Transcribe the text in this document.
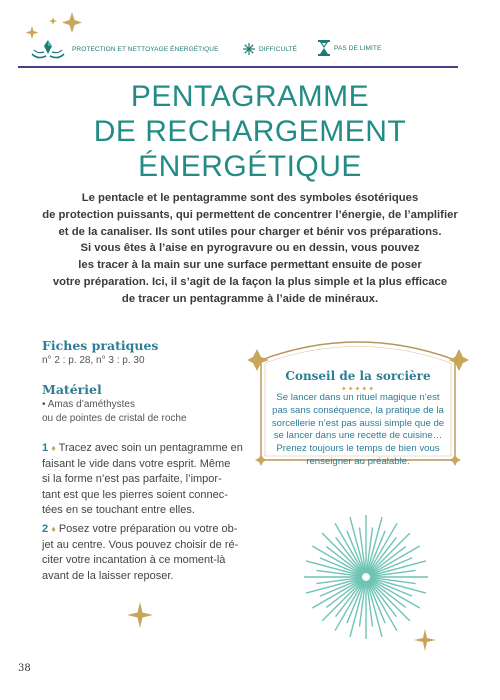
PROTECTION ET NETTOYAGE ÉNERGÉTIQUE	DIFFICULTÉ	PAS DE LIMITE
PENTAGRAMME
DE RECHARGEMENT
ÉNERGÉTIQUE
Le pentacle et le pentagramme sont des symboles ésotériques
de protection puissants, qui permettent de concentrer l’énergie, de l’amplifier
et de la canaliser. Ils sont utiles pour charger et bénir vos préparations.
Si vous êtes à l’aise en pyrogravure ou en dessin, vous pouvez
les tracer à la main sur une surface permettant ensuite de poser
votre préparation. Ici, il s’agit de la façon la plus simple et la plus efficace
de tracer un pentagramme à l’aide de minéraux.
Fiches pratiques
n° 2 : p. 28, n° 3 : p. 30
Matériel
• Amas d’améthystes
ou de pointes de cristal de roche
1 ♦ Tracez avec soin un pentagramme en
faisant le vide dans votre esprit. Même
si la forme n’est pas parfaite, l’impor-
tant est que les pierres soient connec-
tées en se touchant entre elles.
2 ♦ Posez votre préparation ou votre ob-
jet au centre. Vous pouvez choisir de ré-
citer votre incantation à ce moment-là
avant de la laisser reposer.
Conseil de la sorcière
✦✦✦✦✦
Se lancer dans un rituel magique n’est
pas sans conséquence, la pratique de la
sorcellerie n’est pas aussi simple que de
se lancer dans une recette de cuisine…
Prenez toujours le temps de bien vous
renseigner au préalable.
38
